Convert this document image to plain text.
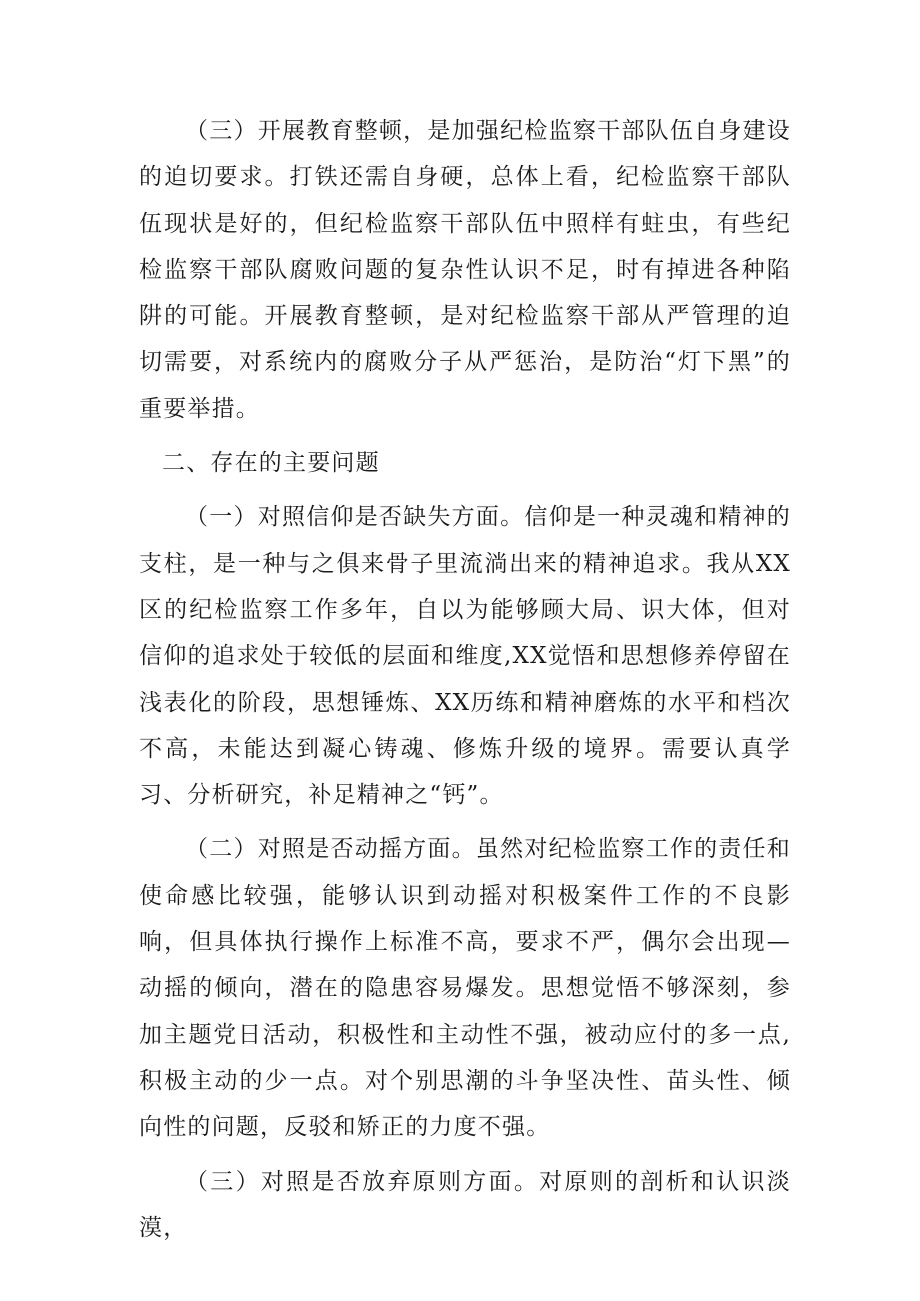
（三）开展教育整顿，是加强纪检监察干部队伍自身建设的迫切要求。打铁还需自身硬，总体上看，纪检监察干部队伍现状是好的，但纪检监察干部队伍中照样有蛀虫，有些纪检监察干部队腐败问题的复杂性认识不足，时有掉进各种陷阱的可能。开展教育整顿，是对纪检监察干部从严管理的迫切需要，对系统内的腐败分子从严惩治，是防治“灯下黑”的重要举措。

二、存在的主要问题

（一）对照信仰是否缺失方面。信仰是一种灵魂和精神的支柱，是一种与之俱来骨子里流淌出来的精神追求。我从XX区的纪检监察工作多年，自以为能够顾大局、识大体，但对信仰的追求处于较低的层面和维度,XX觉悟和思想修养停留在浅表化的阶段，思想锤炼、XX历练和精神磨炼的水平和档次不高，未能达到凝心铸魂、修炼升级的境界。需要认真学习、分析研究，补足精神之“钙”。

（二）对照是否动摇方面。虽然对纪检监察工作的责任和使命感比较强，能够认识到动摇对积极案件工作的不良影响，但具体执行操作上标准不高，要求不严，偶尔会出现—动摇的倾向，潜在的隐患容易爆发。思想觉悟不够深刻，参加主题党日活动，积极性和主动性不强，被动应付的多一点,积极主动的少一点。对个别思潮的斗争坚决性、苗头性、倾向性的问题，反驳和矫正的力度不强。

（三）对照是否放弃原则方面。对原则的剖析和认识淡漠，
